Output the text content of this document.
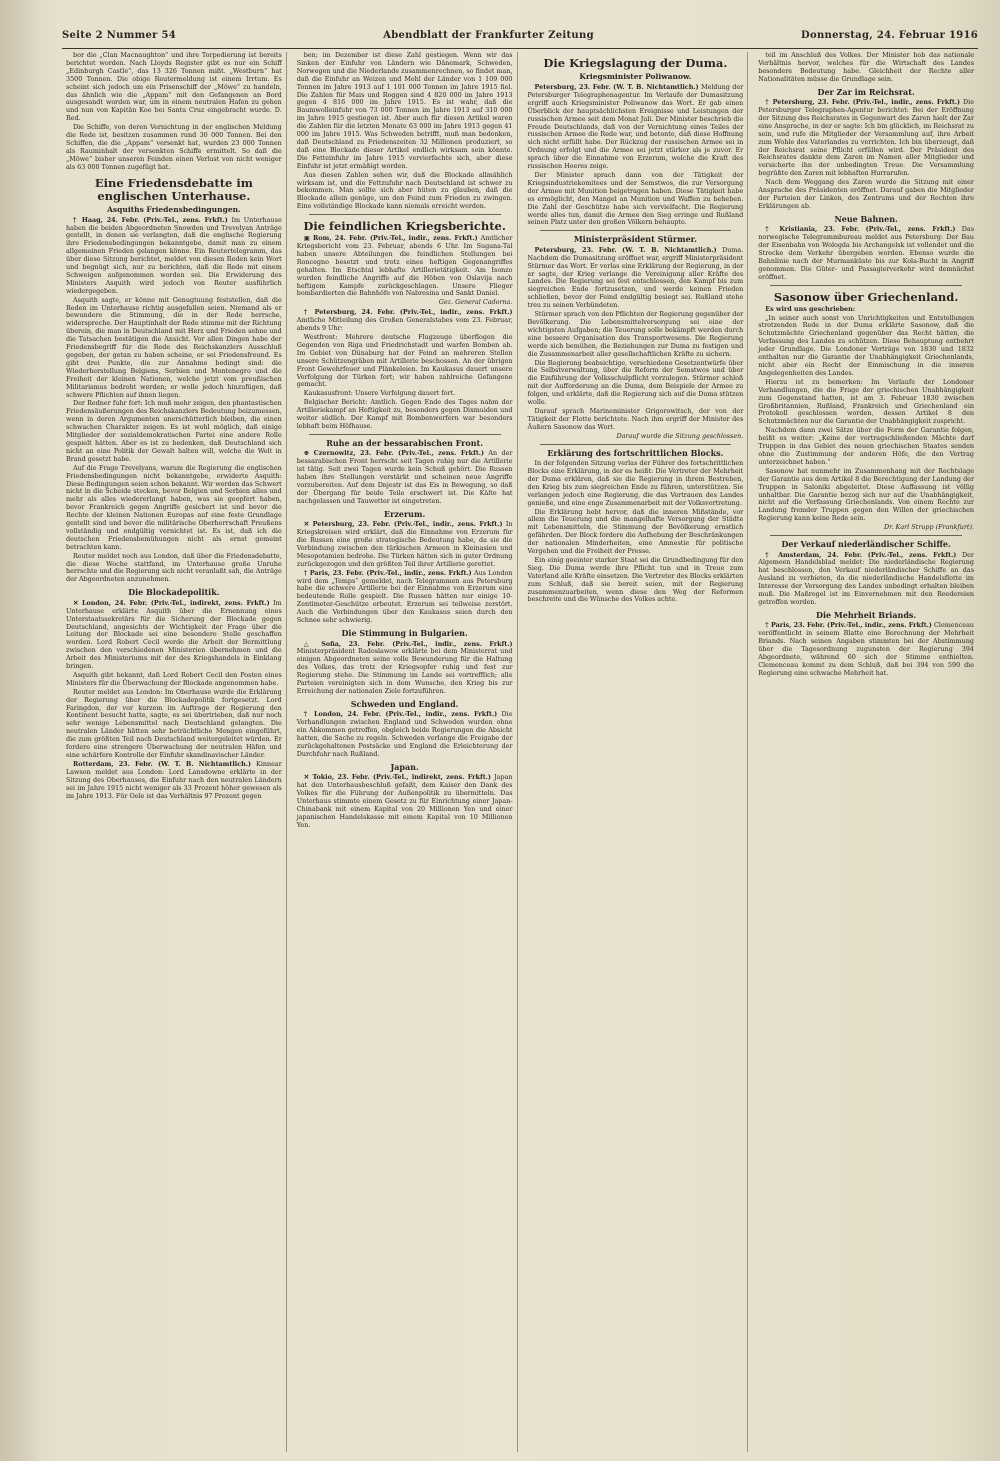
Seite 2 Nummer 54	Abendblatt der Frankfurter Zeitung	Donnerstag, 24. Februar 1916

bor die „Clan Macnaughton“ und ihre Torpedierung ist bereits berichtet worden. Nach Lloyds Register gibt es nur ein Schiff „Edinburgh Castle“, das 13 326 Tonnen mißt. „Westburn“ hat 3500 Tonnen. Die obige Reutermeldung ist einem Irrtum. Es scheint sich jedoch um ein Prisenschiff der „Möwe“ zu handeln, das ähnlich wie die „Appam“ mit den Gefangenen an Bord ausgesandt worden war, um in einem neutralen Hafen zu gehen und nun von Kapitän Koe bei Santa Cruz eingebracht wurde. D. Red.

Die Schiffe, von deren Vernichtung in der englischen Meldung die Rede ist, besitzen zusammen rund 30 000 Tonnen. Bei den Schiffen, die die „Appam“ versenkt hat, wurden 23 000 Tonnen als Rauminhalt der versenkten Schiffe ermittelt. So daß die „Möwe“ bisher unseren Feinden einen Verlust von nicht weniger als 63 000 Tonnen zugefügt hat.

Eine Friedensdebatte im englischen Unterhause.
Asquiths Friedensbedingungen.

† Haag, 24. Febr. (Priv.-Tel., zens. Frkft.) Im Unterhause haben die beiden Abgeordneten Snowden und Trevelyan Anträge gestellt, in denen sie verlangten, daß die englische Regierung ihre Friedensbedingungen bekanntgebe, damit man zu einem allgemeinen Frieden gelangen könne. Ein Reutertelegramm, das über diese Sitzung berichtet, meldet von diesen Reden kein Wort und begnügt sich, nur zu berichten, daß die Rede mit einem Schweigen aufgenommen worden sei. Die Erwiderung des Ministers Asquith wird jedoch von Reuter ausführlich wiedergegeben.

Asquith sagte, er könne mit Genugtuung feststellen, daß die Reden im Unterhause richtig ausgefallen seien. Niemand als er bewundere die Stimmung, die in der Rede herrsche, widerspreche. Der Hauptinhalt der Rede stimme mit der Richtung überein, die man in Deutschland mit Herz und Frieden sehne und die Tatsachen bestätigen die Ansicht. Vor allen Dingen habe der Friedensbegriff für die Rede des Reichskanzlers Ausschluß gegeben, der getan zu haben scheine, er sei Friedensfreund. Es gibt drei Punkte, die zur Annahme bedingt sind: die Wiederherstellung Belgiens, Serbien und Montenegro und die Freiheit der kleinen Nationen, welche jetzt vom preußischen Militarismus bedroht werden; er wolle jedoch hinzufügen, daß schwere Pflichten auf ihnen liegen.

Der Redner fuhr fort: Ich muß mehr zeigen, den phantastischen Friedensäußerungen des Reichskanzlers Bedeutung beizumessen, wenn in deren Argumenten unerschütterlich bleiben, die einen schwachen Charakter zeigen. Es ist wohl möglich, daß einige Mitglieder der sozialdemokratischen Partei eine andere Rolle gespielt hätten. Aber es ist zu bedenken, daß Deutschland sich nicht an eine Politik der Gewalt halten will, welche die Welt in Brand gesetzt habe.

Auf die Frage Trevelyans, warum die Regierung die englischen Friedensbedingungen nicht bekanntgebe, erwiderte Asquith: Diese Bedingungen seien schon bekannt. Wir werden das Schwert nicht in die Scheide stecken, bevor Belgien und Serbien alles und mehr als alles wiedererlangt haben, was sie geopfert haben, bevor Frankreich gegen Angriffe gesichert ist und bevor die Rechte der kleinen Nationen Europas auf eine feste Grundlage gestellt sind und bevor die militärische Oberherrschaft Preußens vollständig und endgültig vernichtet ist. Es ist, daß ich die deutschen Friedensbemühungen nicht als ernst gemeint betrachten kann.

Reuter meldet noch aus London, daß über die Friedensdebatte, die diese Woche stattfand, im Unterhause große Unruhe herrschte und die Regierung sich nicht veranlaßt sah, die Anträge der Abgeordneten anzunehmen.

Die Blockadepolitik.

✕ London, 24. Febr. (Priv.-Tel., indirekt, zens. Frkft.) Im Unterhause erklärte Asquith über die Ernennung eines Unterstaatssekretärs für die Sicherung der Blockade gegen Deutschland, angesichts der Wichtigkeit der Frage über die Leitung der Blockade sei eine besondere Stelle geschaffen worden. Lord Robert Cecil werde die Arbeit der Bermittlung zwischen den verschiedenen Ministerien übernehmen und die Arbeit des Ministeriums mit der des Kriegshandels in Einklang bringen.

Asquith gibt bekannt, daß Lord Robert Cecil den Posten eines Ministers für die Überwachung der Blockade angenommen habe.

Reuter meldet aus London: Im Oberhause wurde die Erklärung der Regierung über die Blockadepolitik fortgesetzt. Lord Faringdon, der vor kurzem im Auftrage der Regierung den Kontinent besucht hatte, sagte, es sei übertrieben, daß nur noch sehr wenige Lebensmittel nach Deutschland gelangten. Die neutralen Länder hätten sehr beträchtliche Mengen eingeführt, die zum größten Teil nach Deutschland weitergeleitet würden. Er fordere eine strengere Überwachung der neutralen Häfen und eine schärfere Kontrolle der Einfuhr skandinavischer Länder.

Rotterdam, 23. Febr. (W. T. B. Nichtamtlich.) Kinnear Lawson meldet aus London: Lord Lansdowne erklärte in der Sitzung des Oberhauses, die Einfuhr nach den neutralen Ländern sei im Jahre 1915 nicht weniger als 33 Prozent höher gewesen als im Jahre 1913. Für Oele ist das Verhältnis 97 Prozent gegen

ben; im Dezember ist diese Zahl gestiegen. Wenn wir das Sinken der Einfuhr von Ländern wie Dänemark, Schweden, Norwegen und die Niederlande zusammenrechnen, so findet man, daß die Einfuhr an Weizen und Mehl der Länder von 1 109 000 Tonnen im Jahre 1913 auf 1 101 000 Tonnen im Jahre 1915 fiel. Die Zahlen für Mais und Roggen sind 4 820 000 im Jahre 1913 gegen 4 816 000 im Jahre 1915. Es ist wahr, daß die Baumwolleinfuhr von 73 000 Tonnen im Jahre 1913 auf 310 000 im Jahre 1915 gestiegen ist. Aber auch für diesen Artikel waren die Zahlen für die letzten Monate 63 000 im Jahre 1913 gegen 41 000 im Jahre 1915. Was Schweden betrifft, muß man bedenken, daß Deutschland zu Friedenszeiten 32 Millionen produziert, so daß eine Blockade dieser Artikel endlich wirksam sein könnte. Die Fetteinfuhr im Jahre 1915 vervierfachte sich, aber diese Einfuhr ist jetzt ermäßigt worden.

Aus diesen Zahlen sehen wir, daß die Blockade allmählich wirksam ist, und die Fettzufuhr nach Deutschland ist schwer zu bekommen. Man sollte sich aber hüten zu glauben, daß die Blockade allein genüge, um den Feind zum Frieden zu zwingen. Eine vollständige Blockade kann niemals erreicht werden.

Die feindlichen Kriegsberichte.

▣ Rom, 24. Febr. (Priv.-Tel., indir., zens. Frkft.) Amtlicher Kriegsbericht vom 23. Februar, abends 6 Uhr. Im Sugana-Tal haben unsere Abteilungen die feindlichen Stellungen bei Roncegno besetzt und trotz eines heftigen Gegenangriffes gehalten. Im Etschtal lebhafte Artillerietätigkeit. Am Isonzo wurden feindliche Angriffe auf die Höhen von Oslavija nach heftigem Kampfe zurückgeschlagen. Unsere Flieger bombardierten die Bahnhöfe von Nabresina und Sankt Daniel.

Gez. General Cadorna.

† Petersburg, 24. Febr. (Priv.-Tel., indir., zens. Frkft.) Amtliche Mitteilung des Großen Generalstabes vom 23. Februar, abends 9 Uhr:

Westfront: Mehrere deutsche Flugzeuge überflogen die Gegenden von Riga und Friedrichstadt und warfen Bomben ab. Im Gebiet von Dünaburg hat der Feind an mehreren Stellen unsere Schützengräben mit Artillerie beschossen. An der übrigen Front Gewehrfeuer und Plänkeleien. Im Kaukasus dauert unsere Verfolgung der Türken fort; wir haben zahlreiche Gefangene gemacht.

Kaukasusfront: Unsere Verfolgung dauert fort.

Belgischer Bericht: Amtlich. Gegen Ende des Tages nahm der Artilleriekampf an Heftigkeit zu, besonders gegen Dixmuiden und weiter südlich. Der Kampf mit Bombenwerfern war besonders lebhaft beim Höfhause.

Ruhe an der bessarabischen Front.

⊕ Czernowitz, 23. Febr. (Priv.-Tel., zens. Frkft.) An der bessarabischen Front herrscht seit Tagen ruhig nur die Artillerie ist tätig. Seit zwei Tagen wurde kein Schuß gehört. Die Russen haben ihre Stellungen verstärkt und scheinen neue Angriffe vorzubereiten. Auf dem Dnjestr ist das Eis in Bewegung, so daß der Übergang für beide Teile erschwert ist. Die Kälte hat nachgelassen und Tauwetter ist eingetreten.

Erzerum.

✕ Petersburg, 23. Febr. (Priv.-Tel., indir., zens. Frkft.) In Kriegskreisen wird erklärt, daß die Einnahme von Erzerum für die Russen eine große strategische Bedeutung habe, da sie die Verbindung zwischen den türkischen Armeen in Kleinasien und Mesopotamien bedrohe. Die Türken hätten sich in guter Ordnung zurückgezogen und den größten Teil ihrer Artillerie gerettet.

† Paris, 23. Febr. (Priv.-Tel., indir., zens. Frkft.) Aus London wird dem „Temps“ gemeldet, nach Telegrammen aus Petersburg habe die schwere Artillerie bei der Einnahme von Erzerum eine bedeutende Rolle gespielt. Die Russen hätten nur einige 10-Zentimeter-Geschütze erbeutet. Erzerum sei teilweise zerstört. Auch die Verbindungen über den Kaukasus seien durch den Schnee sehr schwierig.

Die Stimmung in Bulgarien.

△ Sofia, 23. Febr. (Priv.-Tel., indir., zens. Frkft.) Ministerpräsident Radoslawow erklärte bei dem Ministerrat und einigen Abgeordneten seine volle Bewunderung für die Haltung des Volkes, das trotz der Kriegsopfer ruhig und fest zur Regierung stehe. Die Stimmung im Lande sei vortrefflich; alle Parteien vereinigten sich in dem Wunsche, den Krieg bis zur Erreichung der nationalen Ziele fortzuführen.

Schweden und England.

† London, 24. Febr. (Priv.-Tel., indir., zens. Frkft.) Die Verhandlungen zwischen England und Schweden wurden ohne ein Abkommen getroffen, obgleich beide Regierungen die Absicht hatten, die Sache zu regeln. Schweden verlange die Freigabe der zurückgehaltenen Postsäcke und England die Erleichterung der Durchfuhr nach Rußland.

Japan.

✕ Tokio, 23. Febr. (Priv.-Tel., indirekt, zens. Frkft.) Japan hat den Unterhausbeschluß gefaßt, dem Kaiser den Dank des Volkes für die Führung der Außenpolitik zu übermitteln. Das Unterhaus stimmte einem Gesetz zu für Einrichtung einer Japan-Chinabank mit einem Kapital von 20 Millionen Yen und einer japanischen Handelskasse mit einem Kapital von 10 Millionen Yen.

Die Kriegslagung der Duma.
Kriegsminister Poliwanow.

Petersburg, 23. Febr. (W. T. B. Nichtamtlich.) Meldung der Petersburger Telegraphenagentur. Im Verlaufe der Dumasitzung ergriff auch Kriegsminister Poliwanow das Wort. Er gab einen Überblick der hauptsächlichsten Ereignisse und Leistungen der russischen Armee seit dem Monat Juli. Der Minister beschrieb die Freude Deutschlands, daß von der Vernichtung eines Teiles der russischen Armee die Rede war, und betonte, daß diese Hoffnung sich nicht erfüllt habe. Der Rückzug der russischen Armee sei in Ordnung erfolgt und die Armee sei jetzt stärker als je zuvor. Er sprach über die Einnahme von Erzerum, welche die Kraft des russischen Heeres zeige.

Der Minister sprach dann von der Tätigkeit der Kriegsindustriekomitees und der Semstwos, die zur Versorgung der Armee mit Munition beigetragen haben. Diese Tätigkeit habe es ermöglicht, den Mangel an Munition und Waffen zu beheben. Die Zahl der Geschütze habe sich vervielfacht. Die Regierung werde alles tun, damit die Armee den Sieg erringe und Rußland seinen Platz unter den großen Völkern behaupte.

Ministerpräsident Stürmer.

Petersburg, 23. Febr. (W. T. B. Nichtamtlich.) Duma. Nachdem die Dumasitzung eröffnet war, ergriff Ministerpräsident Stürmer das Wort. Er verlas eine Erklärung der Regierung, in der er sagte, der Krieg verlange die Vereinigung aller Kräfte des Landes. Die Regierung sei fest entschlossen, den Kampf bis zum siegreichen Ende fortzusetzen, und werde keinen Frieden schließen, bevor der Feind endgültig besiegt sei. Rußland stehe treu zu seinen Verbündeten.

Stürmer sprach von den Pflichten der Regierung gegenüber der Bevölkerung. Die Lebensmittelversorgung sei eine der wichtigsten Aufgaben; die Teuerung solle bekämpft werden durch eine bessere Organisation des Transportwesens. Die Regierung werde sich bemühen, die Beziehungen zur Duma zu festigen und die Zusammenarbeit aller gesellschaftlichen Kräfte zu sichern.

Die Regierung beabsichtige, verschiedene Gesetzentwürfe über die Selbstverwaltung, über die Reform der Semstwos und über die Einführung der Volksschulpflicht vorzulegen. Stürmer schloß mit der Aufforderung an die Duma, dem Beispiele der Armee zu folgen, und erklärte, daß die Regierung sich auf die Duma stützen wolle.

Darauf sprach Marineminister Grigorowitsch, der von der Tätigkeit der Flotte berichtete. Nach ihm ergriff der Minister des Äußern Sasonow das Wort.

Darauf wurde die Sitzung geschlossen.
Erklärung des fortschrittlichen Blocks.

In der folgenden Sitzung verlas der Führer des fortschrittlichen Blocks eine Erklärung, in der es heißt: Die Vertreter der Mehrheit der Duma erklären, daß sie die Regierung in ihrem Bestreben, den Krieg bis zum siegreichen Ende zu führen, unterstützen. Sie verlangen jedoch eine Regierung, die das Vertrauen des Landes genieße, und eine enge Zusammenarbeit mit der Volksvertretung.

Die Erklärung hebt hervor, daß die inneren Mißstände, vor allem die Teuerung und die mangelhafte Versorgung der Städte mit Lebensmitteln, die Stimmung der Bevölkerung ernstlich gefährden. Der Block fordere die Aufhebung der Beschränkungen der nationalen Minderheiten, eine Amnestie für politische Vergehen und die Freiheit der Presse.

Ein einig geeinter starker Staat sei die Grundbedingung für den Sieg. Die Duma werde ihre Pflicht tun und in Treue zum Vaterland alle Kräfte einsetzen. Die Vertreter des Blocks erklärten zum Schluß, daß sie bereit seien, mit der Regierung zusammenzuarbeiten, wenn diese den Weg der Reformen beschreite und die Wünsche des Volkes achte.

teil im Anschluß des Volkes. Der Minister hob das nationale Verhältnis hervor, welches für die Wirtschaft des Landes besondere Bedeutung habe. Gleichheit der Rechte aller Nationalitäten müsse die Grundlage sein.

Der Zar im Reichsrat.

† Petersburg, 23. Febr. (Priv.-Tel., indir., zens. Frkft.) Die Petersburger Telegraphen-Agentur berichtet: Bei der Eröffnung der Sitzung des Reichsrates in Gegenwart des Zaren hielt der Zar eine Ansprache, in der er sagte: Ich bin glücklich, im Reichsrat zu sein, und rufe die Mitglieder der Versammlung auf, ihre Arbeit zum Wohle des Vaterlandes zu verrichten. Ich bin überzeugt, daß der Reichsrat seine Pflicht erfüllen wird. Der Präsident des Reichsrates dankte dem Zaren im Namen aller Mitglieder und versicherte ihn der unbedingten Treue. Die Versammlung begrüßte den Zaren mit lebhaften Hurrarufen.

Nach dem Weggang des Zaren wurde die Sitzung mit einer Ansprache des Präsidenten eröffnet. Darauf gaben die Mitglieder der Parteien der Linken, des Zentrums und der Rechten ihre Erklärungen ab.

Neue Bahnen.

† Kristiania, 23. Febr. (Priv.-Tel., zens. Frkft.) Das norwegische Telegrammbureau meldet aus Petersburg: Der Bau der Eisenbahn von Wologda bis Archangelsk ist vollendet und die Strecke dem Verkehr übergeben worden. Ebenso wurde die Bahnlinie nach der Murmanküste bis zur Kola-Bucht in Angriff genommen. Die Güter- und Passagierverkehr wird demnächst eröffnet.

Sasonow über Griechenland.

Es wird uns geschrieben:

„In seiner auch sonst von Unrichtigkeiten und Entstellungen strotzenden Rede in der Duma erklärte Sasonow, daß die Schutzmächte Griechenland gegenüber das Recht hätten, die Verfassung des Landes zu schützen. Diese Behauptung entbehrt jeder Grundlage. Die Londoner Verträge von 1830 und 1832 enthalten nur die Garantie der Unabhängigkeit Griechenlands, nicht aber ein Recht der Einmischung in die inneren Angelegenheiten des Landes.

Hierzu ist zu bemerken: Im Verlaufe der Londoner Verhandlungen, die die Frage der griechischen Unabhängigkeit zum Gegenstand hatten, ist am 3. Februar 1830 zwischen Großbritannien, Rußland, Frankreich und Griechenland ein Protokoll geschlossen worden, dessen Artikel 8 den Schutzmächten nur die Garantie der Unabhängigkeit zuspricht.

Nachdem dann zwei Sätze über die Form der Garantie folgen, heißt es weiter: „Keine der vertragschließenden Mächte darf Truppen in das Gebiet des neuen griechischen Staates senden ohne die Zustimmung der anderen Höfe, die den Vertrag unterzeichnet haben.“

Sasonow hat nunmehr im Zusammenhang mit der Rechtslage der Garantie aus dem Artikel 8 die Berechtigung der Landung der Truppen in Saloniki abgeleitet. Diese Auffassung ist völlig unhaltbar. Die Garantie bezog sich nur auf die Unabhängigkeit, nicht auf die Verfassung Griechenlands. Von einem Rechte zur Landung fremder Truppen gegen den Willen der griechischen Regierung kann keine Rede sein.

Dr. Karl Strupp (Frankfurt).
Der Verkauf niederländischer Schiffe.

† Amsterdam, 24. Febr. (Priv.-Tel., zens. Frkft.) Der Algemeen Handelsblad meldet: Die niederländische Regierung hat beschlossen, den Verkauf niederländischer Schiffe an das Ausland zu verbieten, da die niederländische Handelsflotte im Interesse der Versorgung des Landes unbedingt erhalten bleiben muß. Die Maßregel ist im Einvernehmen mit den Reedereien getroffen worden.

Die Mehrheit Briands.

† Paris, 23. Febr. (Priv.-Tel., indir., zens. Frkft.) Clemenceau veröffentlicht in seinem Blatte eine Berechnung der Mehrheit Briands. Nach seinen Angaben stimmten bei der Abstimmung über die Tagesordnung zugunsten der Regierung 394 Abgeordnete, während 60 sich der Stimme enthielten. Clemenceau kommt zu dem Schluß, daß bei 394 von 590 die Regierung eine schwache Mehrheit hat.
